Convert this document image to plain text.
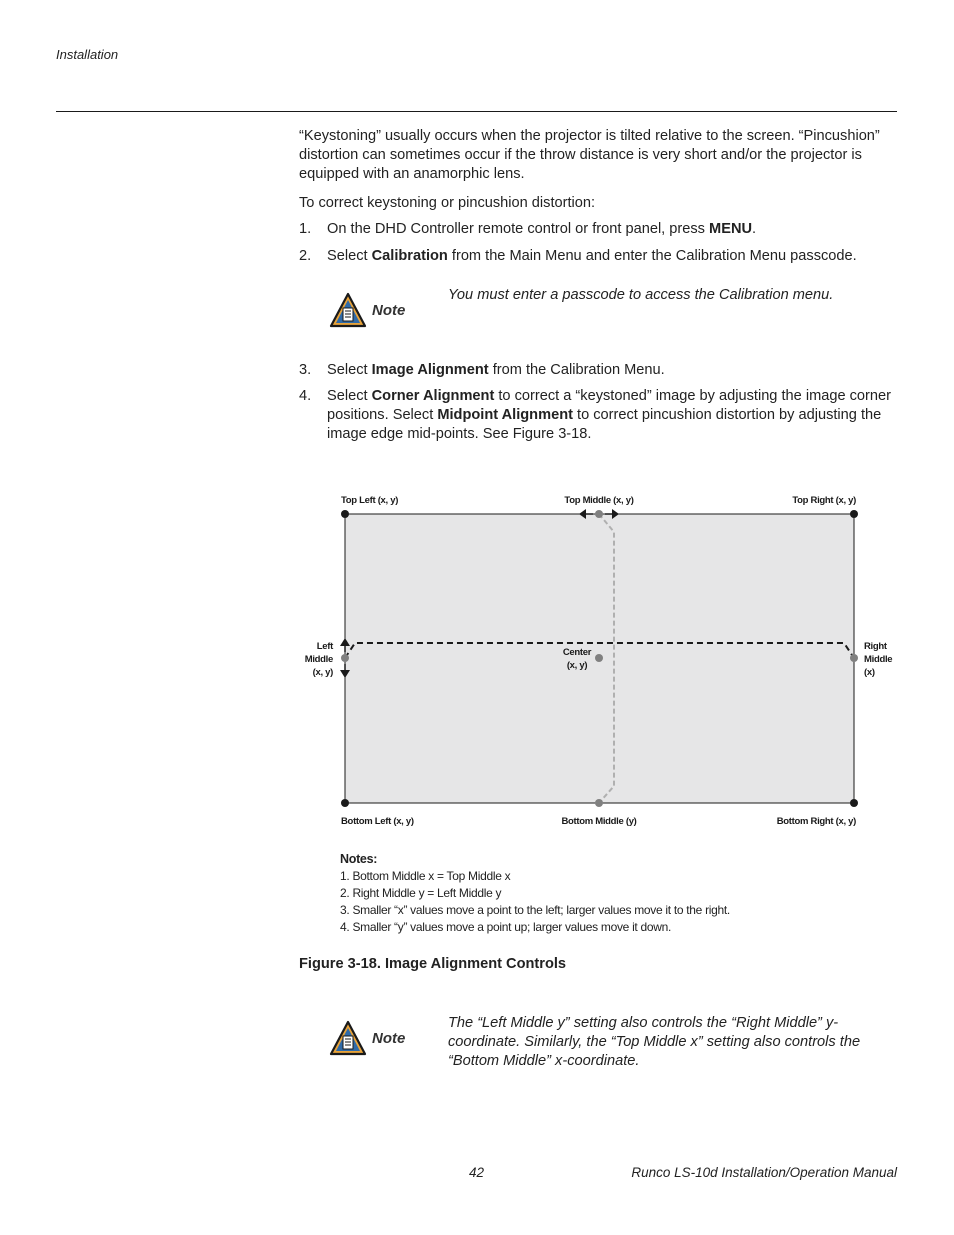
Installation
“Keystoning” usually occurs when the projector is tilted relative to the screen. “Pincushion” distortion can sometimes occur if the throw distance is very short and/or the projector is equipped with an anamorphic lens.
To correct keystoning or pincushion distortion:
1. On the DHD Controller remote control or front panel, press MENU.
2. Select Calibration from the Main Menu and enter the Calibration Menu passcode.
Note
You must enter a passcode to access the Calibration menu.
3. Select Image Alignment from the Calibration Menu.
4. Select Corner Alignment to correct a “keystoned” image by adjusting the image corner positions. Select Midpoint Alignment to correct pincushion distortion by adjusting the image edge mid-points. See Figure 3-18.
Top Left (x, y)	Top Middle (x, y)	Top Right (x, y)
Left
Middle
(x, y)
Center
(x, y)
Right
Middle
(x)
Bottom Left (x, y)	Bottom Middle (y)	Bottom Right (x, y)
Notes:
1. Bottom Middle x = Top Middle x
2. Right Middle y = Left Middle y
3. Smaller “x” values move a point to the left; larger values move it to the right.
4. Smaller “y” values move a point up; larger values move it down.
Figure 3-18. Image Alignment Controls
Note
The “Left Middle y” setting also controls the “Right Middle” y-coordinate. Similarly, the “Top Middle x” setting also controls the “Bottom Middle” x-coordinate.
42	Runco LS-10d Installation/Operation Manual
